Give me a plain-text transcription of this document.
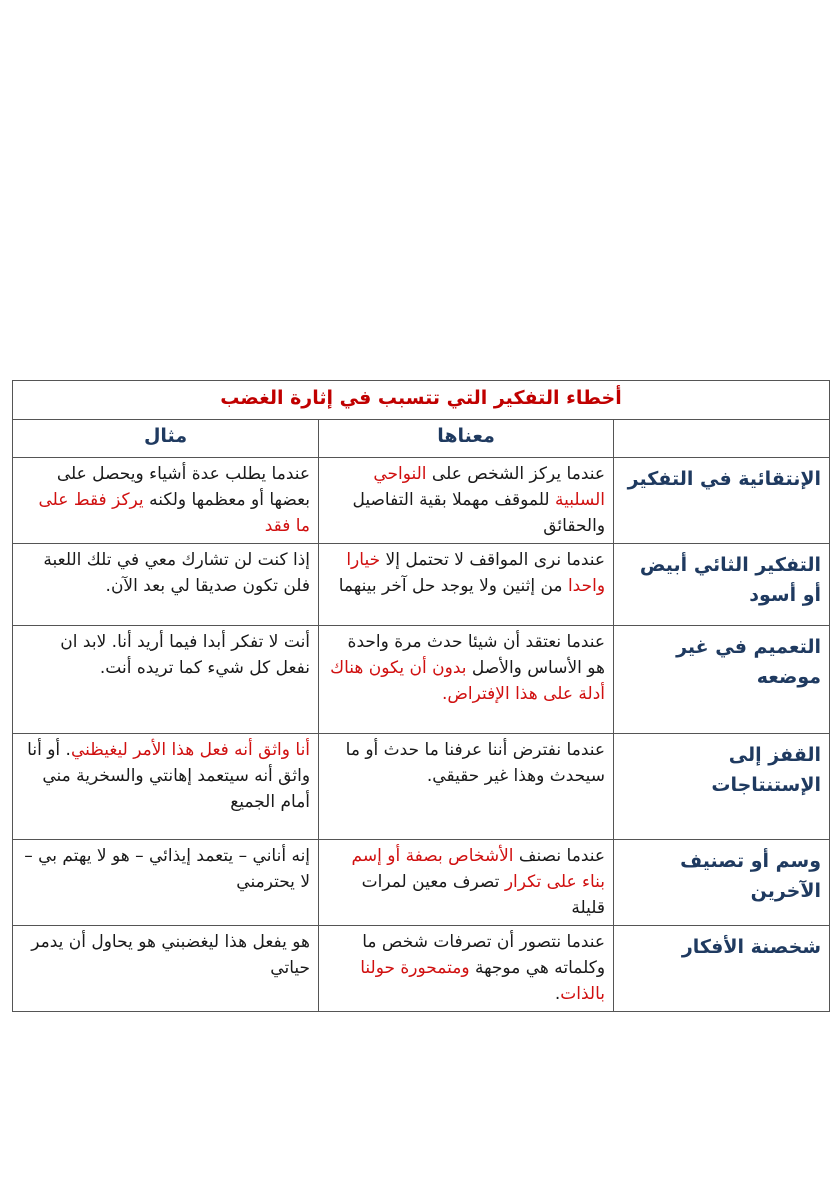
أخطاء التفكير التي تتسبب في إثارة الغضب		
	معناها	مثال
الإنتقائية في التفكير	عندما يركز الشخص على النواحي السلبية للموقف مهملا بقية التفاصيل والحقائق	عندما يطلب عدة أشياء ويحصل على بعضها أو معظمها ولكنه يركز فقط على ما فقد
التفكير الثائي أبيض أو أسود	عندما نرى المواقف لا تحتمل إلا خيارا واحدا من إثنين ولا يوجد حل آخر بينهما	إذا كنت لن تشارك معي في تلك اللعبة فلن تكون صديقا لي بعد الآن.
التعميم في غير موضعه	عندما نعتقد أن شيئا حدث مرة واحدة هو الأساس والأصل بدون أن يكون هناك أدلة على هذا الإفتراض.	أنت لا تفكر أبدا فيما أريد أنا. لابد ان نفعل كل شيء كما تريده أنت.
القفز إلى الإستنتاجات	عندما نفترض أننا عرفنا ما حدث أو ما سيحدث وهذا غير حقيقي.	أنا واثق أنه فعل هذا الأمر ليغيظني. أو أنا واثق أنه سيتعمد إهانتي والسخرية مني أمام الجميع
وسم أو تصنيف الآخرين	عندما نصنف الأشخاص بصفة أو إسم بناء على تكرار تصرف معين لمرات قليلة	إنه أناني – يتعمد إيذائي – هو لا يهتم بي –لا يحترمني
شخصنة الأفكار	عندما نتصور أن تصرفات شخص ما وكلماته هي موجهة ومتمحورة حولنا بالذات.	هو يفعل هذا ليغضبني هو يحاول أن يدمر حياتي
